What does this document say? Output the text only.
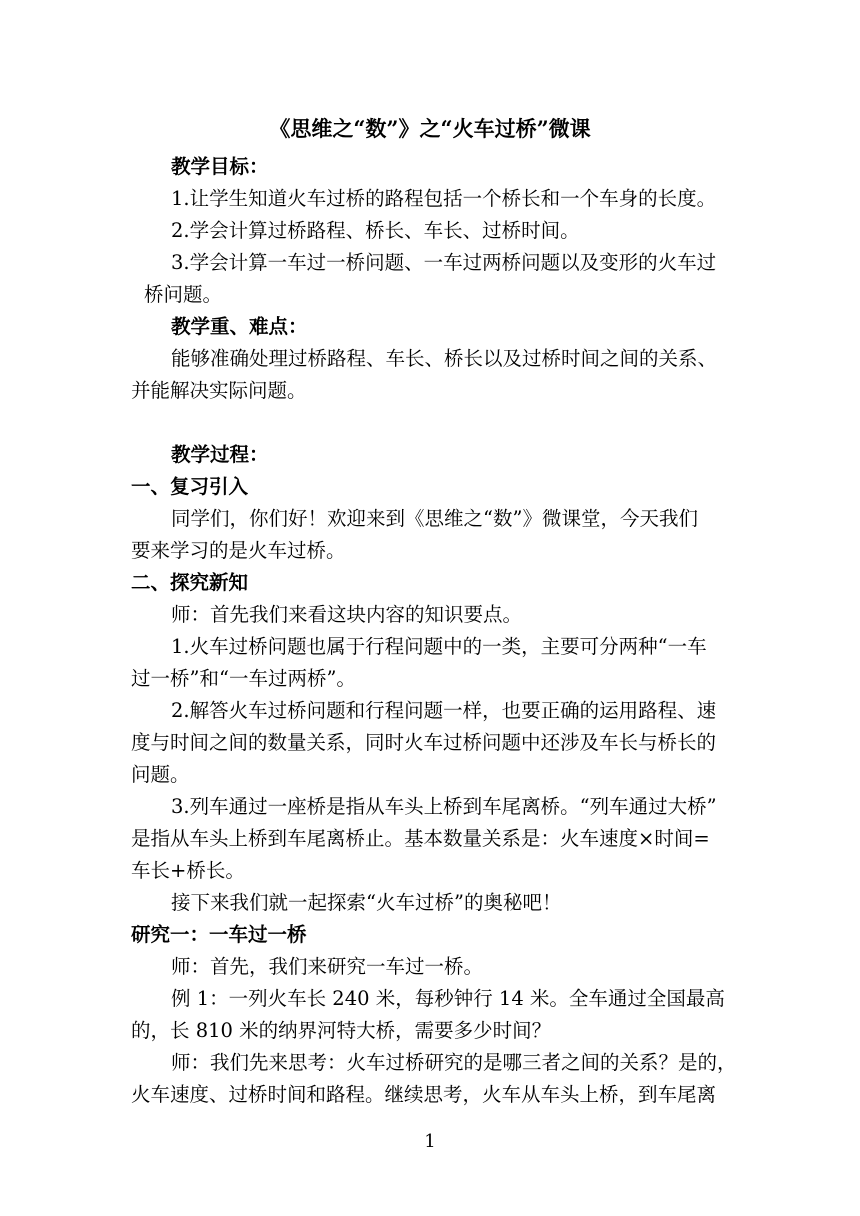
《思维之“数”》之“火车过桥”微课
教学目标：
1.让学生知道火车过桥的路程包括一个桥长和一个车身的长度。
2.学会计算过桥路程、桥长、车长、过桥时间。
3.学会计算一车过一桥问题、一车过两桥问题以及变形的火车过
桥问题。
教学重、难点：
能够准确处理过桥路程、车长、桥长以及过桥时间之间的关系、
并能解决实际问题。
教学过程：
一、复习引入
同学们，你们好！欢迎来到《思维之“数”》微课堂，今天我们
要来学习的是火车过桥。
二、探究新知
师：首先我们来看这块内容的知识要点。
1.火车过桥问题也属于行程问题中的一类，主要可分两种“一车
过一桥”和“一车过两桥”。
2.解答火车过桥问题和行程问题一样，也要正确的运用路程、速
度与时间之间的数量关系，同时火车过桥问题中还涉及车长与桥长的
问题。
3.列车通过一座桥是指从车头上桥到车尾离桥。“列车通过大桥”
是指从车头上桥到车尾离桥止。基本数量关系是：火车速度×时间=
车长+桥长。
接下来我们就一起探索“火车过桥”的奥秘吧！
研究一：一车过一桥
师：首先，我们来研究一车过一桥。
例 1：一列火车长 240 米，每秒钟行 14 米。全车通过全国最高
的，长 810 米的纳界河特大桥，需要多少时间？
师：我们先来思考：火车过桥研究的是哪三者之间的关系？是的，
火车速度、过桥时间和路程。继续思考，火车从车头上桥，到车尾离
1
